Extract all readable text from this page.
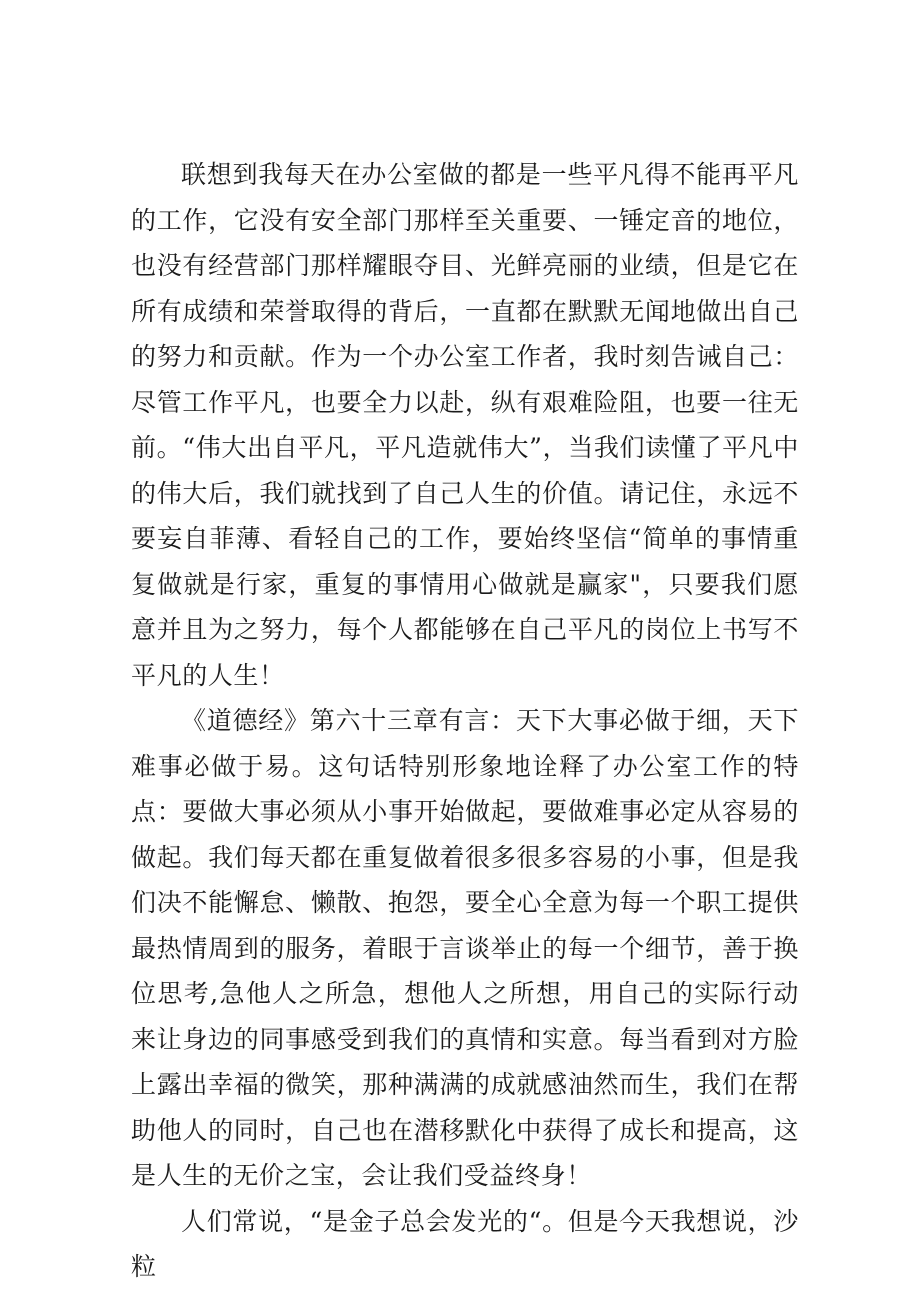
联想到我每天在办公室做的都是一些平凡得不能再平凡的工作，它没有安全部门那样至关重要、一锤定音的地位，也没有经营部门那样耀眼夺目、光鲜亮丽的业绩，但是它在所有成绩和荣誉取得的背后，一直都在默默无闻地做出自己的努力和贡献。作为一个办公室工作者，我时刻告诫自己：尽管工作平凡，也要全力以赴，纵有艰难险阻，也要一往无前。“伟大出自平凡，平凡造就伟大”，当我们读懂了平凡中的伟大后，我们就找到了自己人生的价值。请记住，永远不要妄自菲薄、看轻自己的工作，要始终坚信“简单的事情重复做就是行家，重复的事情用心做就是赢家"，只要我们愿意并且为之努力，每个人都能够在自己平凡的岗位上书写不平凡的人生！

《道德经》第六十三章有言：天下大事必做于细，天下难事必做于易。这句话特别形象地诠释了办公室工作的特点：要做大事必须从小事开始做起，要做难事必定从容易的做起。我们每天都在重复做着很多很多容易的小事，但是我们决不能懈怠、懒散、抱怨，要全心全意为每一个职工提供最热情周到的服务，着眼于言谈举止的每一个细节，善于换位思考,急他人之所急，想他人之所想，用自己的实际行动来让身边的同事感受到我们的真情和实意。每当看到对方脸上露出幸福的微笑，那种满满的成就感油然而生，我们在帮助他人的同时，自己也在潜移默化中获得了成长和提高，这是人生的无价之宝，会让我们受益终身！

人们常说，“是金子总会发光的“。但是今天我想说，沙粒
